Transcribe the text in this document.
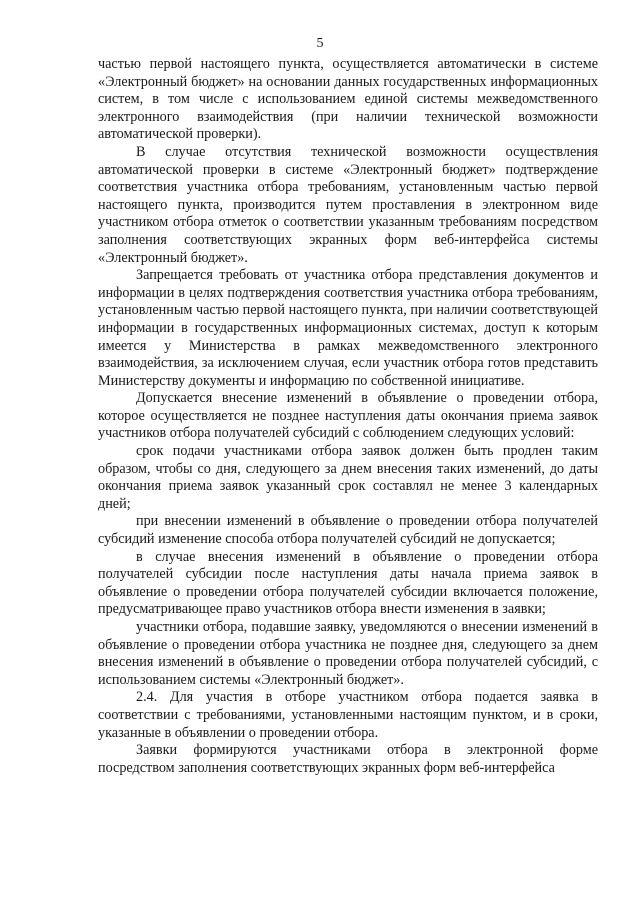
5

частью первой настоящего пункта, осуществляется автоматически в системе «Электронный бюджет» на основании данных государственных информационных систем, в том числе с использованием единой системы межведомственного электронного взаимодействия (при наличии технической возможности автоматической проверки).

В случае отсутствия технической возможности осуществления автоматической проверки в системе «Электронный бюджет» подтверждение соответствия участника отбора требованиям, установленным частью первой настоящего пункта, производится путем проставления в электронном виде участником отбора отметок о соответствии указанным требованиям посредством заполнения соответствующих экранных форм веб-интерфейса системы «Электронный бюджет».

Запрещается требовать от участника отбора представления документов и информации в целях подтверждения соответствия участника отбора требованиям, установленным частью первой настоящего пункта, при наличии соответствующей информации в государственных информационных системах, доступ к которым имеется у Министерства в рамках межведомственного электронного взаимодействия, за исключением случая, если участник отбора готов представить Министерству документы и информацию по собственной инициативе.

Допускается внесение изменений в объявление о проведении отбора, которое осуществляется не позднее наступления даты окончания приема заявок участников отбора получателей субсидий с соблюдением следующих условий:

срок подачи участниками отбора заявок должен быть продлен таким образом, чтобы со дня, следующего за днем внесения таких изменений, до даты окончания приема заявок указанный срок составлял не менее 3 календарных дней;

при внесении изменений в объявление о проведении отбора получателей субсидий изменение способа отбора получателей субсидий не допускается;

в случае внесения изменений в объявление о проведении отбора получателей субсидии после наступления даты начала приема заявок в объявление о проведении отбора получателей субсидии включается положение, предусматривающее право участников отбора внести изменения в заявки;

участники отбора, подавшие заявку, уведомляются о внесении изменений в объявление о проведении отбора участника не позднее дня, следующего за днем внесения изменений в объявление о проведении отбора получателей субсидий, с использованием системы «Электронный бюджет».

2.4. Для участия в отборе участником отбора подается заявка в соответствии с требованиями, установленными настоящим пунктом, и в сроки, указанные в объявлении о проведении отбора.

Заявки формируются участниками отбора в электронной форме посредством заполнения соответствующих экранных форм веб-интерфейса
